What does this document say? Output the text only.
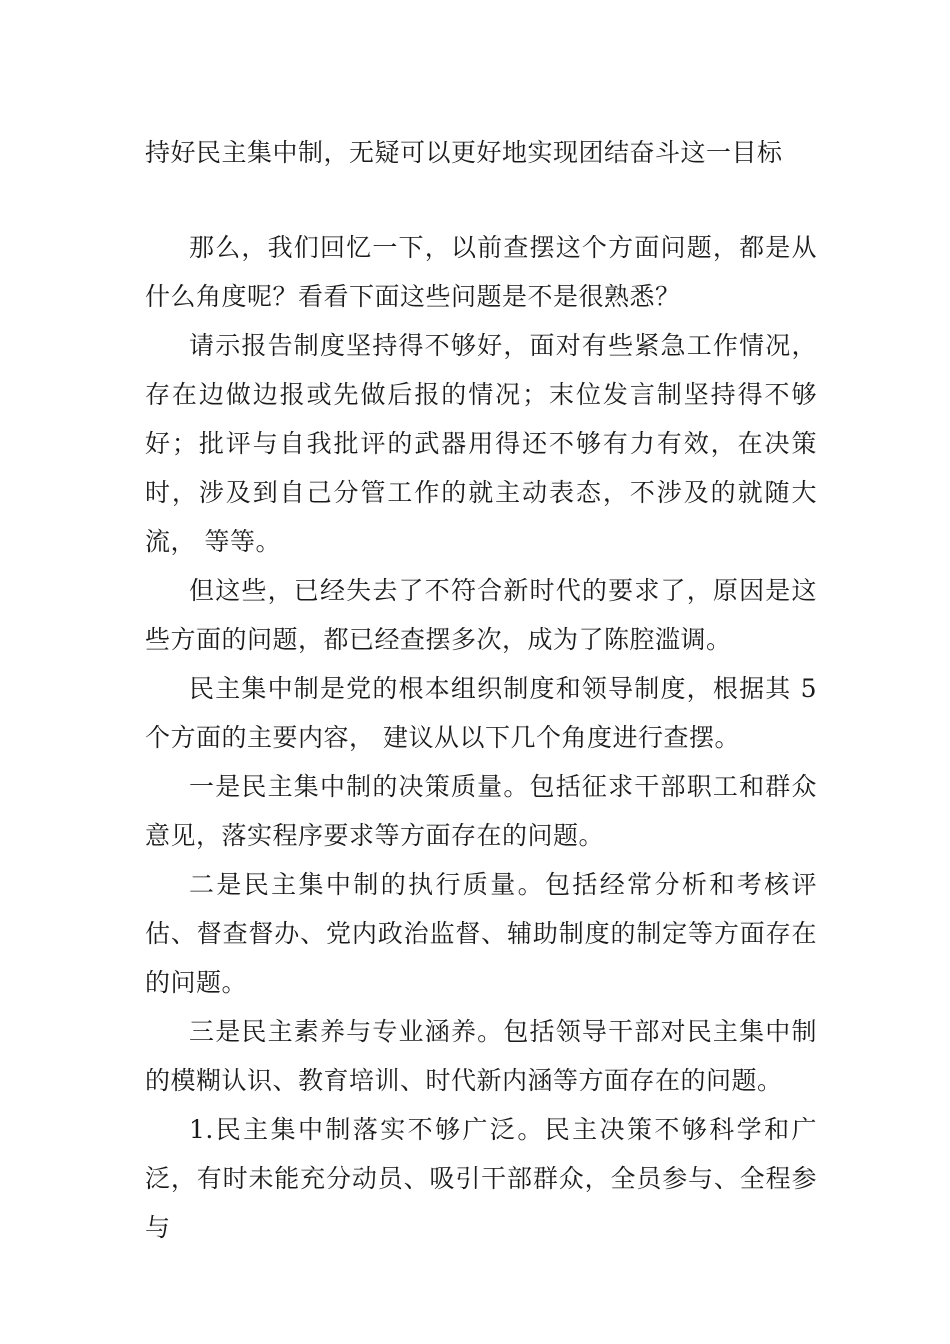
持好民主集中制，无疑可以更好地实现团结奋斗这一目标

那么，我们回忆一下，以前查摆这个方面问题，都是从什么角度呢？看看下面这些问题是不是很熟悉？

请示报告制度坚持得不够好，面对有些紧急工作情况，存在边做边报或先做后报的情况；末位发言制坚持得不够好；批评与自我批评的武器用得还不够有力有效，在决策时，涉及到自己分管工作的就主动表态，不涉及的就随大流， 等等。

但这些，已经失去了不符合新时代的要求了，原因是这些方面的问题，都已经查摆多次，成为了陈腔滥调。

民主集中制是党的根本组织制度和领导制度，根据其 5 个方面的主要内容， 建议从以下几个角度进行查摆。

一是民主集中制的决策质量。包括征求干部职工和群众意见，落实程序要求等方面存在的问题。

二是民主集中制的执行质量。包括经常分析和考核评估、督查督办、党内政治监督、辅助制度的制定等方面存在的问题。

三是民主素养与专业涵养。包括领导干部对民主集中制的模糊认识、教育培训、时代新内涵等方面存在的问题。

1.民主集中制落实不够广泛。民主决策不够科学和广泛，有时未能充分动员、吸引干部群众，全员参与、全程参与
